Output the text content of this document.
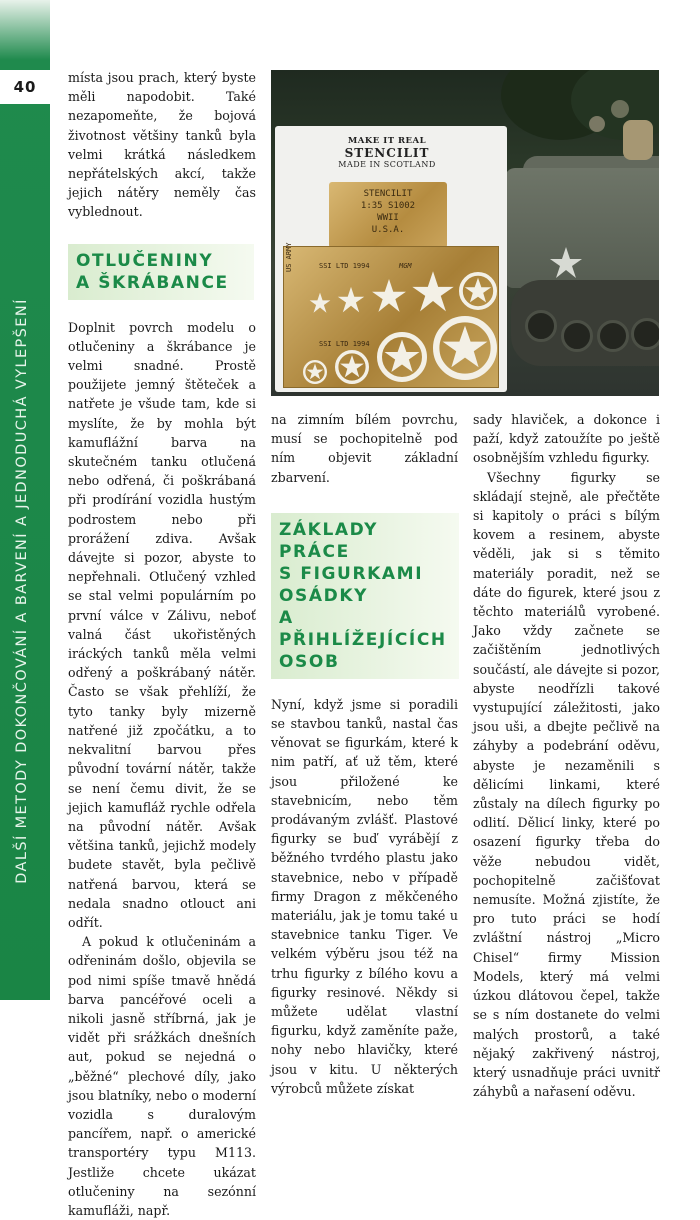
40
DALŠÍ METODY DOKONČOVÁNÍ A BARVENÍ A JEDNODUCHÁ VYLEPŠENÍ

místa jsou prach, který byste měli napodobit. Také nezapomeňte, že bojová životnost většiny tanků byla velmi krátká následkem nepřátelských akcí, takže jejich nátěry neměly čas vyblednout.

OTLUČENINY
A ŠKRÁBANCE

Doplnit povrch modelu o otlučeniny a škrábance je velmi snadné. Prostě použijete jemný štěteček a natřete je všude tam, kde si myslíte, že by mohla být kamuflážní barva na skutečném tanku otlučená nebo odřená, či poškrábaná při prodírání vozidla hustým podrostem nebo při prorážení zdiva. Avšak dávejte si pozor, abyste to nepřehnali. Otlučený vzhled se stal velmi populárním po první válce v Zálivu, neboť valná část ukořistěných iráckých tanků měla velmi odřený a poškrábaný nátěr. Často se však přehlíží, že tyto tanky byly mizerně natřené již zpočátku, a to nekvalitní barvou přes původní tovární nátěr, takže se není čemu divit, že se jejich kamufláž rychle odřela na původní nátěr. Avšak většina tanků, jejichž modely budete stavět, byla pečlivě natřená barvou, která se nedala snadno otlouct ani odřít.

A pokud k otlučeninám a odřeninám došlo, objevila se pod nimi spíše tmavě hnědá barva pancéřové oceli a nikoli jasně stříbrná, jak je vidět při srážkách dnešních aut, pokud se nejedná o „běžné“ plechové díly, jako jsou blatníky, nebo o moderní vozidla s duralovým pancířem, např. o americké transportéry typu M113. Jestliže chcete ukázat otlučeniny na sezónní kamufláži, např.

MAKE IT REAL
STENCILIT
MADE IN SCOTLAND
STENCILIT
1:35 S1002
WWII
U.S.A.
SSI LTD 1994	MGM
SSI LTD 1994
US ARMY

na zimním bílém povrchu, musí se pochopitelně pod ním objevit základní zbarvení.

ZÁKLADY PRÁCE
S FIGURKAMI
OSÁDKY
A PŘIHLÍŽEJÍCÍCH
OSOB

Nyní, když jsme si poradili se stavbou tanků, nastal čas věnovat se figurkám, které k nim patří, ať už těm, které jsou přiložené ke stavebnicím, nebo těm prodávaným zvlášť. Plastové figurky se buď vyrábějí z běžného tvrdého plastu jako stavebnice, nebo v případě firmy Dragon z měkčeného materiálu, jak je tomu také u stavebnice tanku Tiger. Ve velkém výběru jsou též na trhu figurky z bílého kovu a figurky resinové. Někdy si můžete udělat vlastní figurku, když zaměníte paže, nohy nebo hlavičky, které jsou v kitu. U některých výrobců můžete získat

sady hlaviček, a dokonce i paží, když zatoužíte po ještě osobnějším vzhledu figurky.

Všechny figurky se skládají stejně, ale přečtěte si kapitoly o práci s bílým kovem a resinem, abyste věděli, jak si s těmito materiály poradit, než se dáte do figurek, které jsou z těchto materiálů vyrobené. Jako vždy začnete se začištěním jednotlivých součástí, ale dávejte si pozor, abyste neodřízli takové vystupující záležitosti, jako jsou uši, a dbejte pečlivě na záhyby a podebrání oděvu, abyste je nezaměnili s dělicími linkami, které zůstaly na dílech figurky po odlití. Dělicí linky, které po osazení figurky třeba do věže nebudou vidět, pochopitelně začišťovat nemusíte. Možná zjistíte, že pro tuto práci se hodí zvláštní nástroj „Micro Chisel“ firmy Mission Models, který má velmi úzkou dlátovou čepel, takže se s ním dostanete do velmi malých prostorů, a také nějaký zakřivený nástroj, který usnadňuje práci uvnitř záhybů a nařasení oděvu.
